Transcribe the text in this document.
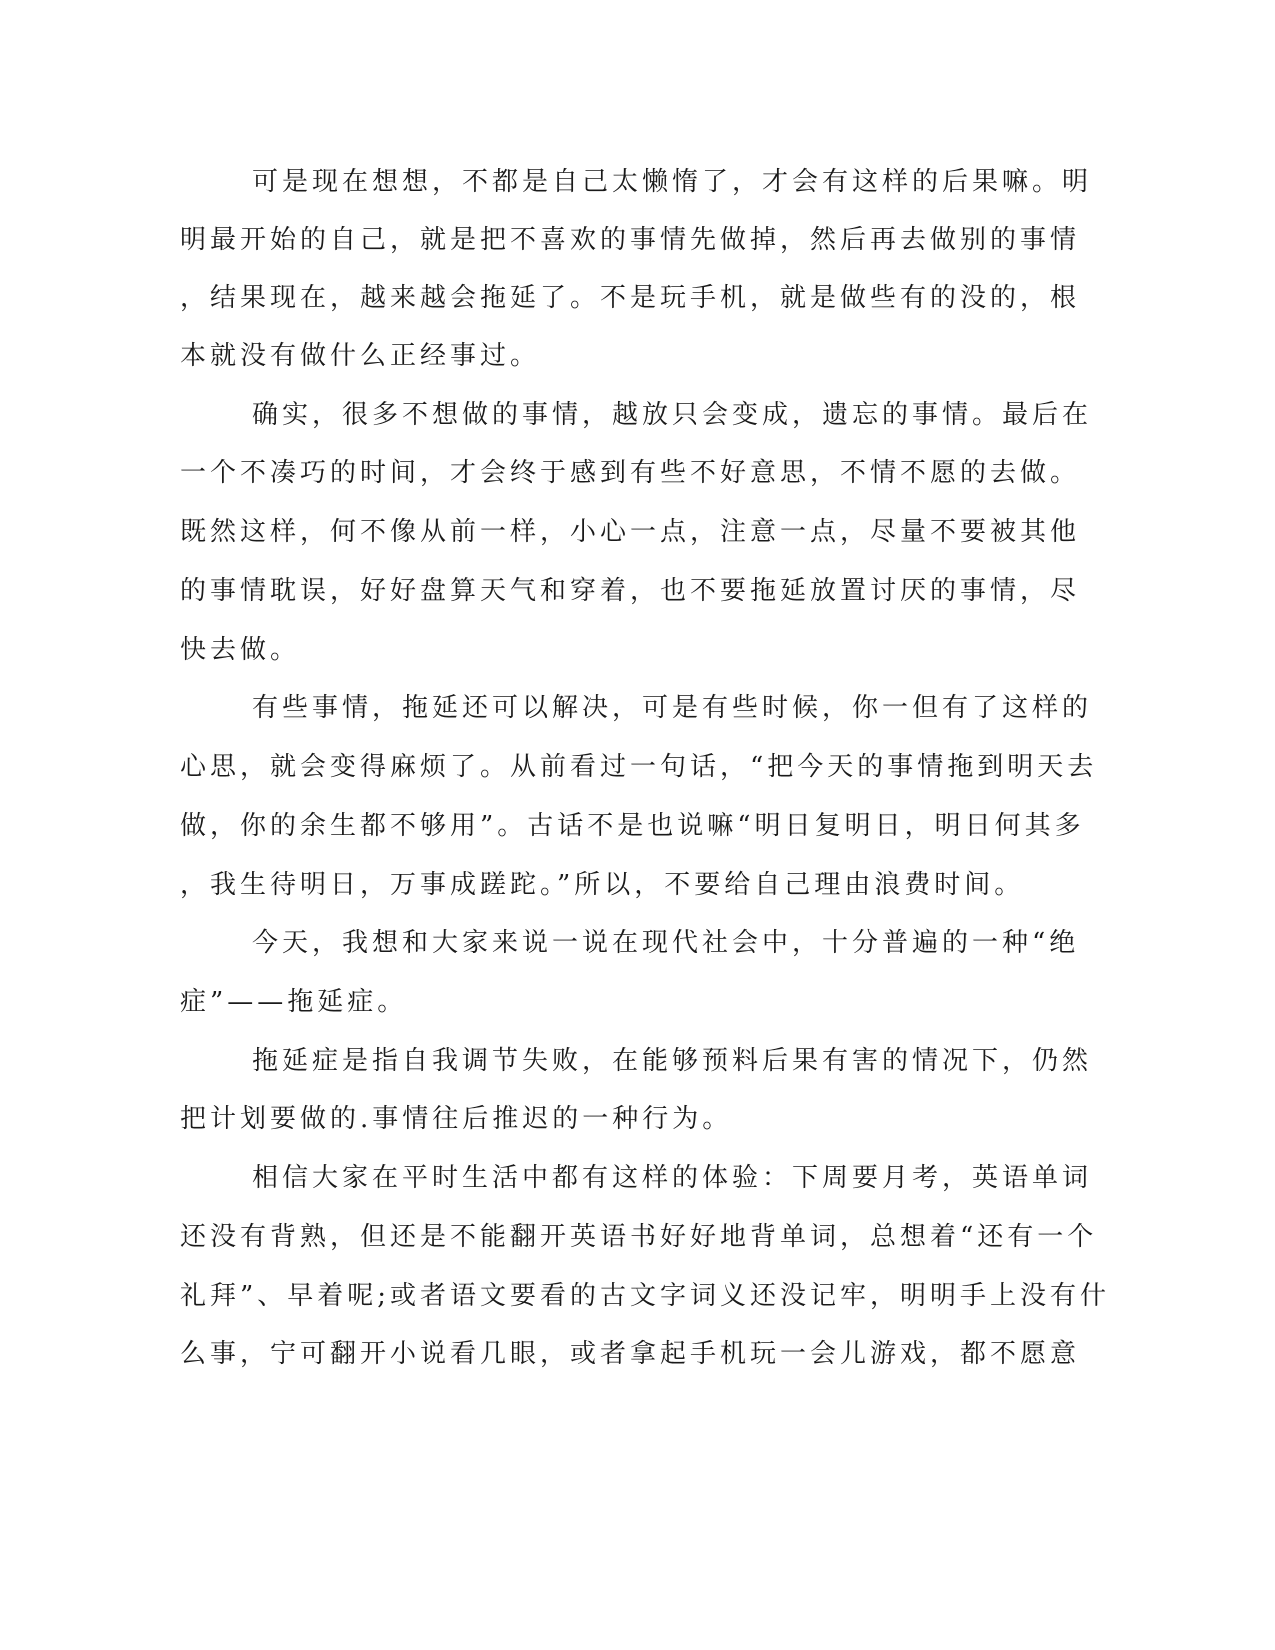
可是现在想想，不都是自己太懒惰了，才会有这样的后果嘛。明
明最开始的自己，就是把不喜欢的事情先做掉，然后再去做别的事情
，结果现在，越来越会拖延了。不是玩手机，就是做些有的没的，根
本就没有做什么正经事过。
确实，很多不想做的事情，越放只会变成，遗忘的事情。最后在
一个不凑巧的时间，才会终于感到有些不好意思，不情不愿的去做。
既然这样，何不像从前一样，小心一点，注意一点，尽量不要被其他
的事情耽误，好好盘算天气和穿着，也不要拖延放置讨厌的事情，尽
快去做。
有些事情，拖延还可以解决，可是有些时候，你一但有了这样的
心思，就会变得麻烦了。从前看过一句话，“把今天的事情拖到明天去
做，你的余生都不够用”。古话不是也说嘛“明日复明日，明日何其多
，我生待明日，万事成蹉跎。”所以，不要给自己理由浪费时间。
今天，我想和大家来说一说在现代社会中，十分普遍的一种“绝
症”——拖延症。
拖延症是指自我调节失败，在能够预料后果有害的情况下，仍然
把计划要做的.事情往后推迟的一种行为。
相信大家在平时生活中都有这样的体验：下周要月考，英语单词
还没有背熟，但还是不能翻开英语书好好地背单词，总想着“还有一个
礼拜”、早着呢;或者语文要看的古文字词义还没记牢，明明手上没有什
么事，宁可翻开小说看几眼，或者拿起手机玩一会儿游戏，都不愿意
